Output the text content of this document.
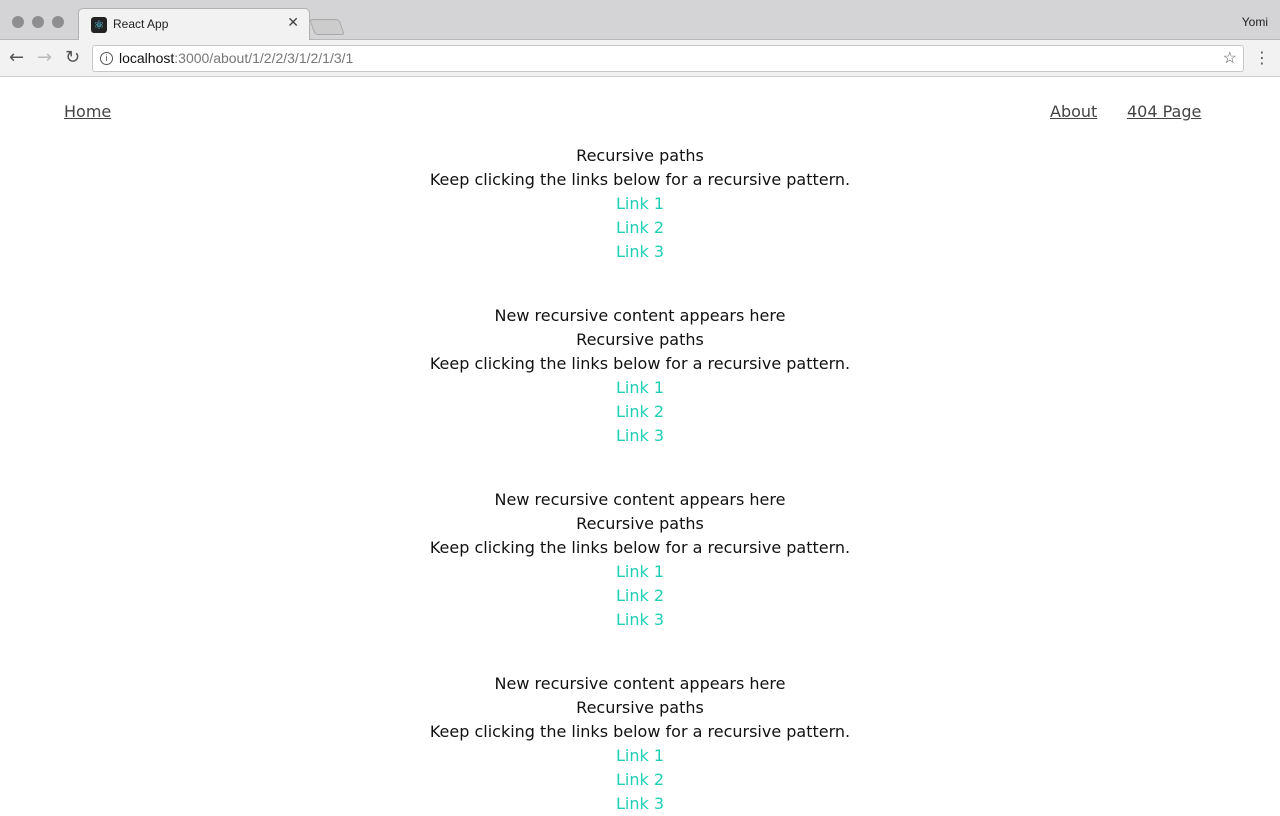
⚛ React App	✕	Yomi
← → ↻	i localhost:3000/about/1/2/2/3/1/2/1/3/1	☆ ⋮
Home	About 404 Page
Recursive paths
Keep clicking the links below for a recursive pattern.
Link 1
Link 2
Link 3
New recursive content appears here
Recursive paths
Keep clicking the links below for a recursive pattern.
Link 1
Link 2
Link 3
New recursive content appears here
Recursive paths
Keep clicking the links below for a recursive pattern.
Link 1
Link 2
Link 3
New recursive content appears here
Recursive paths
Keep clicking the links below for a recursive pattern.
Link 1
Link 2
Link 3
